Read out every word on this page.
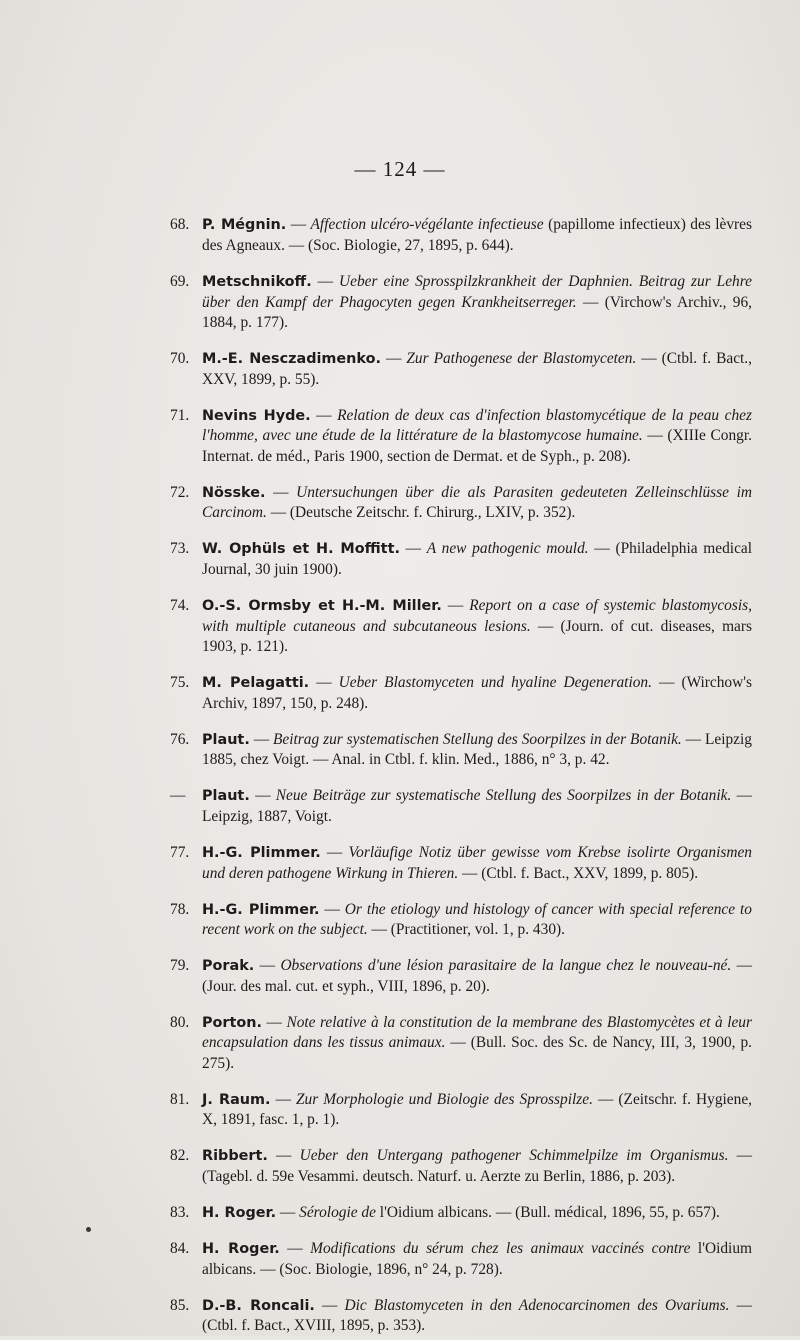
— 124 —

68. P. Mégnin. — Affection ulcéro-végélante infectieuse (papillome infectieux) des lèvres des Agneaux. — (Soc. Biologie, 27, 1895, p. 644).

69. Metschnikoff. — Ueber eine Sprosspilzkrankheit der Daphnien. Beitrag zur Lehre über den Kampf der Phagocyten gegen Krankheitserreger. — (Virchow's Archiv., 96, 1884, p. 177).

70. M.-E. Nesczadimenko. — Zur Pathogenese der Blastomyceten. — (Ctbl. f. Bact., XXV, 1899, p. 55).

71. Nevins Hyde. — Relation de deux cas d'infection blastomycétique de la peau chez l'homme, avec une étude de la littérature de la blastomycose humaine. — (XIIIe Congr. Internat. de méd., Paris 1900, section de Dermat. et de Syph., p. 208).

72. Nösske. — Untersuchungen über die als Parasiten gedeuteten Zelleinschlüsse im Carcinom. — (Deutsche Zeitschr. f. Chirurg., LXIV, p. 352).

73. W. Ophüls et H. Moffitt. — A new pathogenic mould. — (Philadelphia medical Journal, 30 juin 1900).

74. O.-S. Ormsby et H.-M. Miller. — Report on a case of systemic blastomycosis, with multiple cutaneous and subcutaneous lesions. — (Journ. of cut. diseases, mars 1903, p. 121).

75. M. Pelagatti. — Ueber Blastomyceten und hyaline Degeneration. — (Wirchow's Archiv, 1897, 150, p. 248).

76. Plaut. — Beitrag zur systematischen Stellung des Soorpilzes in der Botanik. — Leipzig 1885, chez Voigt. — Anal. in Ctbl. f. klin. Med., 1886, n° 3, p. 42.

— Plaut. — Neue Beiträge zur systematische Stellung des Soorpilzes in der Botanik. — Leipzig, 1887, Voigt.

77. H.-G. Plimmer. — Vorläufige Notiz über gewisse vom Krebse isolirte Organismen und deren pathogene Wirkung in Thieren. — (Ctbl. f. Bact., XXV, 1899, p. 805).

78. H.-G. Plimmer. — Or the etiology und histology of cancer with special reference to recent work on the subject. — (Practitioner, vol. 1, p. 430).

79. Porak. — Observations d'une lésion parasitaire de la langue chez le nouveau-né. — (Jour. des mal. cut. et syph., VIII, 1896, p. 20).

80. Porton. — Note relative à la constitution de la membrane des Blastomycètes et à leur encapsulation dans les tissus animaux. — (Bull. Soc. des Sc. de Nancy, III, 3, 1900, p. 275).

81. J. Raum. — Zur Morphologie und Biologie des Sprosspilze. — (Zeitschr. f. Hygiene, X, 1891, fasc. 1, p. 1).

82. Ribbert. — Ueber den Untergang pathogener Schimmelpilze im Organismus. — (Tagebl. d. 59e Vesammi. deutsch. Naturf. u. Aerzte zu Berlin, 1886, p. 203).

83. H. Roger. — Sérologie de l'Oidium albicans. — (Bull. médical, 1896, 55, p. 657).

84. H. Roger. — Modifications du sérum chez les animaux vaccinés contre l'Oidium albicans. — (Soc. Biologie, 1896, n° 24, p. 728).

85. D.-B. Roncali. — Dic Blastomyceten in den Adenocarcinomen des Ovariums. — (Ctbl. f. Bact., XVIII, 1895, p. 353).
